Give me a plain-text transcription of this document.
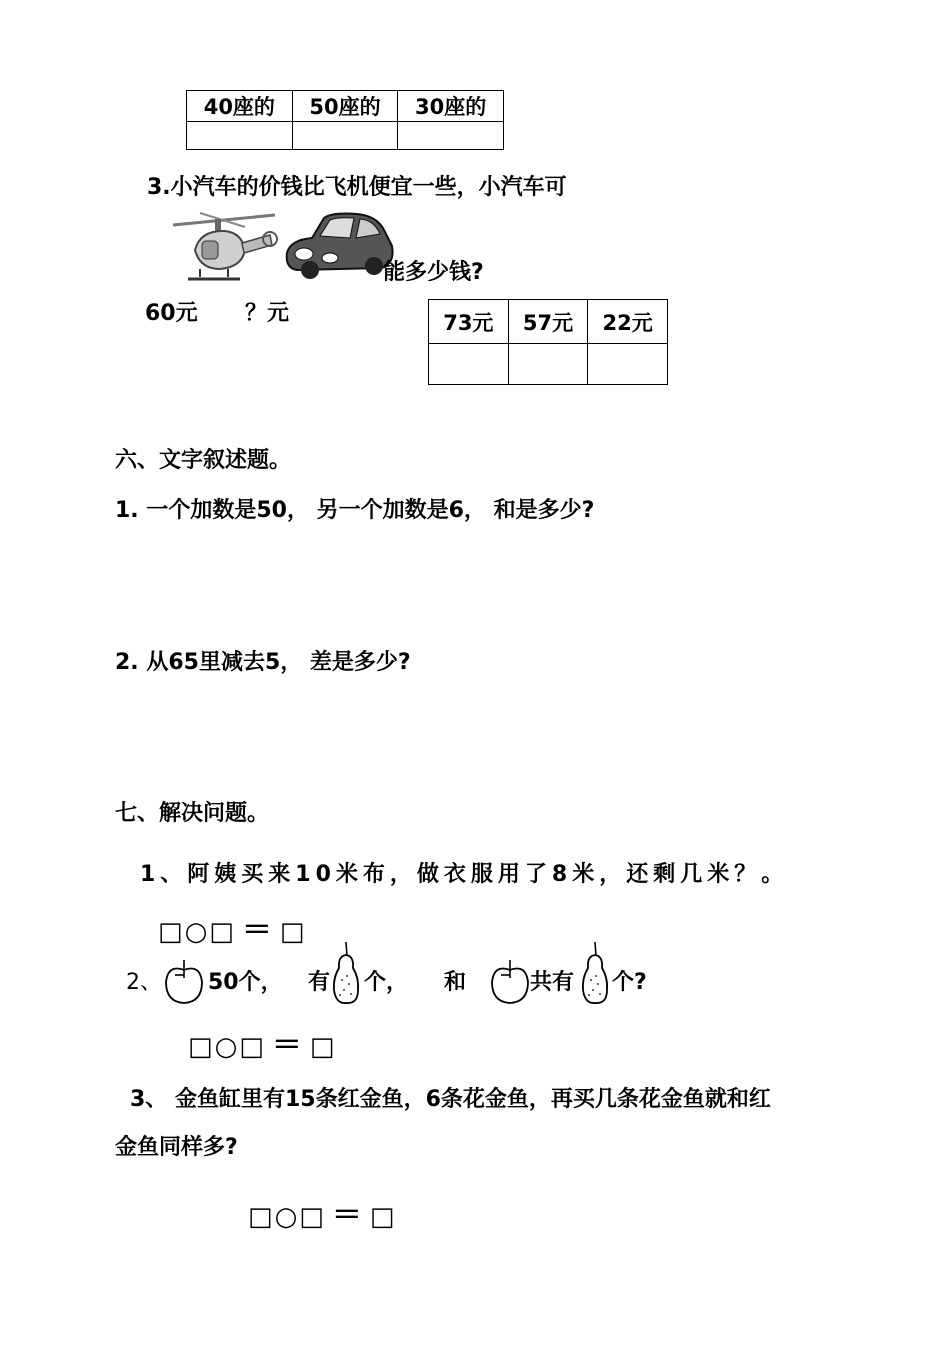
40座的	50座的	30座的

3.小汽车的价钱比飞机便宜一些，小汽车可
能多少钱?
60元 ？元	73元	57元	22元

六、文字叙述题。
1. 一个加数是50， 另一个加数是6， 和是多少?
2. 从65里减去5， 差是多少?
七、解决问题。
1、阿姨买来10米布，做衣服用了8米，还剩几米？。
□○□ ＝ □
2、 50个， 有 个， 和	共有 个?
□○□ ＝ □
3、 金鱼缸里有15条红金鱼，6条花金鱼，再买几条花金鱼就和红
金鱼同样多?
□○□ ＝ □
